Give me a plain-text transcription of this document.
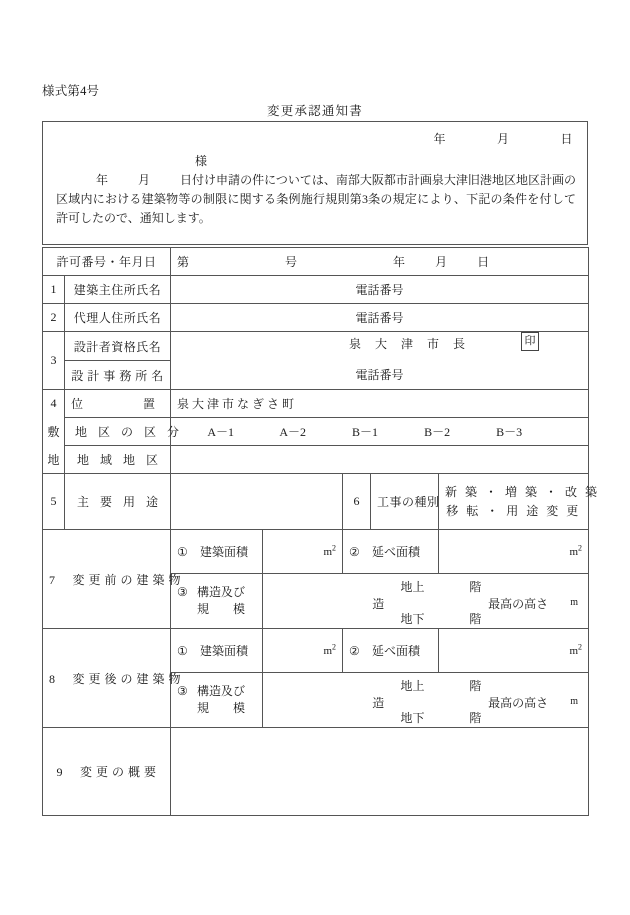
様式第4号
変更承認通知書
年	月	日
様
年	月	日付け申請の件については、南部大阪都市計画泉大津旧港地区地区計画の区域内における建築物等の制限に関する条例施行規則第3条の規定により、下記の条件を付して許可したので、通知します。
泉 大 津 市 長	印
許可番号・年月日		第 号 年 月 日				

1	建築主住所氏名	電話番号				
2	代理人住所氏名	電話番号				
3	設計者資格氏名					
	設 計 事 務 所 名	電話番号				
4	位　　　　　置	泉 大 津 市 な ぎ さ 町				
敷	地 区 の 区 分	A－1 A－2 B－1 B－2 B－3				
地	地 域 地 区					
5	主 要 用 途			6	工事の種別	新 築 ・ 増 築 ・ 改 築
移 転 ・ 用 途 変 更

7 変 更 前 の 建 築 物		① 建築面積	$m^2$	② 延べ面積		$m^2$

③ 構造及び
規　　模

地上	階
造	最高の高さ m
地下	階

8 変 更 後 の 建 築 物		① 建築面積	$m^2$	② 延べ面積		$m^2$

③ 構造及び
規　　模

地上	階
造	最高の高さ m
地下	階

9 変 更 の 概 要						
